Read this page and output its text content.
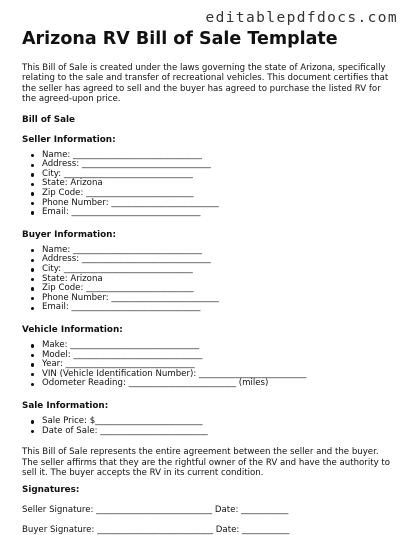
editablepdfdocs.com
Arizona RV Bill of Sale Template

This Bill of Sale is created under the laws governing the state of Arizona, specifically relating to the sale and transfer of recreational vehicles. This document certifies that the seller has agreed to sell and the buyer has agreed to purchase the listed RV for the agreed-upon price.

Bill of Sale

Seller Information:

Name: ______________________________
Address: ______________________________
City: ______________________________
State: Arizona
Zip Code: _________________________
Phone Number: _________________________
Email: ______________________________

Buyer Information:

Name: ______________________________
Address: ______________________________
City: ______________________________
State: Arizona
Zip Code: _________________________
Phone Number: _________________________
Email: ______________________________

Vehicle Information:

Make: ______________________________
Model: ______________________________
Year: ______________________________
VIN (Vehicle Identification Number): _________________________
Odometer Reading: _________________________ (miles)

Sale Information:

Sale Price: $_________________________
Date of Sale: _________________________

This Bill of Sale represents the entire agreement between the seller and the buyer. The seller affirms that they are the rightful owner of the RV and have the authority to sell it. The buyer accepts the RV in its current condition.

Signatures:

Seller Signature: ___________________________ Date: ___________
Buyer Signature: ___________________________ Date: ___________
